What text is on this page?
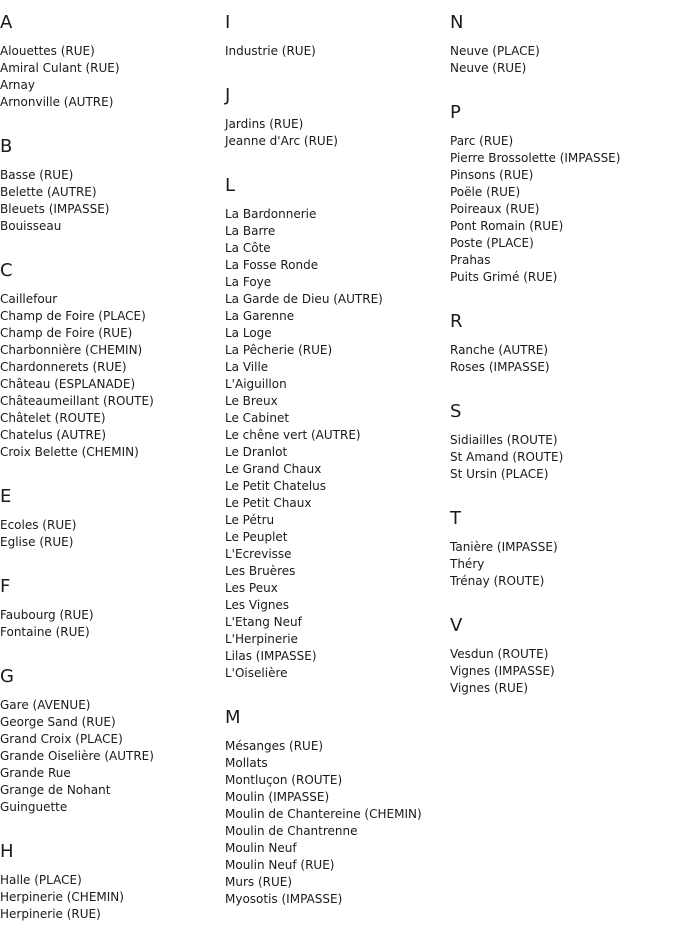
A
Alouettes (RUE)
Amiral Culant (RUE)
Arnay
Arnonville (AUTRE)
B
Basse (RUE)
Belette (AUTRE)
Bleuets (IMPASSE)
Bouisseau
C
Caillefour
Champ de Foire (PLACE)
Champ de Foire (RUE)
Charbonnière (CHEMIN)
Chardonnerets (RUE)
Château (ESPLANADE)
Châteaumeillant (ROUTE)
Châtelet (ROUTE)
Chatelus (AUTRE)
Croix Belette (CHEMIN)
E
Ecoles (RUE)
Eglise (RUE)
F
Faubourg (RUE)
Fontaine (RUE)
G
Gare (AVENUE)
George Sand (RUE)
Grand Croix (PLACE)
Grande Oiselière (AUTRE)
Grande Rue
Grange de Nohant
Guinguette
H
Halle (PLACE)
Herpinerie (CHEMIN)
Herpinerie (RUE)
I
Industrie (RUE)
J
Jardins (RUE)
Jeanne d'Arc (RUE)
L
La Bardonnerie
La Barre
La Côte
La Fosse Ronde
La Foye
La Garde de Dieu (AUTRE)
La Garenne
La Loge
La Pêcherie (RUE)
La Ville
L'Aiguillon
Le Breux
Le Cabinet
Le chêne vert (AUTRE)
Le Dranlot
Le Grand Chaux
Le Petit Chatelus
Le Petit Chaux
Le Pétru
Le Peuplet
L'Ecrevisse
Les Bruères
Les Peux
Les Vignes
L'Etang Neuf
L'Herpinerie
Lilas (IMPASSE)
L'Oiselière
M
Mésanges (RUE)
Mollats
Montluçon (ROUTE)
Moulin (IMPASSE)
Moulin de Chantereine (CHEMIN)
Moulin de Chantrenne
Moulin Neuf
Moulin Neuf (RUE)
Murs (RUE)
Myosotis (IMPASSE)
N
Neuve (PLACE)
Neuve (RUE)
P
Parc (RUE)
Pierre Brossolette (IMPASSE)
Pinsons (RUE)
Poële (RUE)
Poireaux (RUE)
Pont Romain (RUE)
Poste (PLACE)
Prahas
Puits Grimé (RUE)
R
Ranche (AUTRE)
Roses (IMPASSE)
S
Sidiailles (ROUTE)
St Amand (ROUTE)
St Ursin (PLACE)
T
Tanière (IMPASSE)
Théry
Trénay (ROUTE)
V
Vesdun (ROUTE)
Vignes (IMPASSE)
Vignes (RUE)
